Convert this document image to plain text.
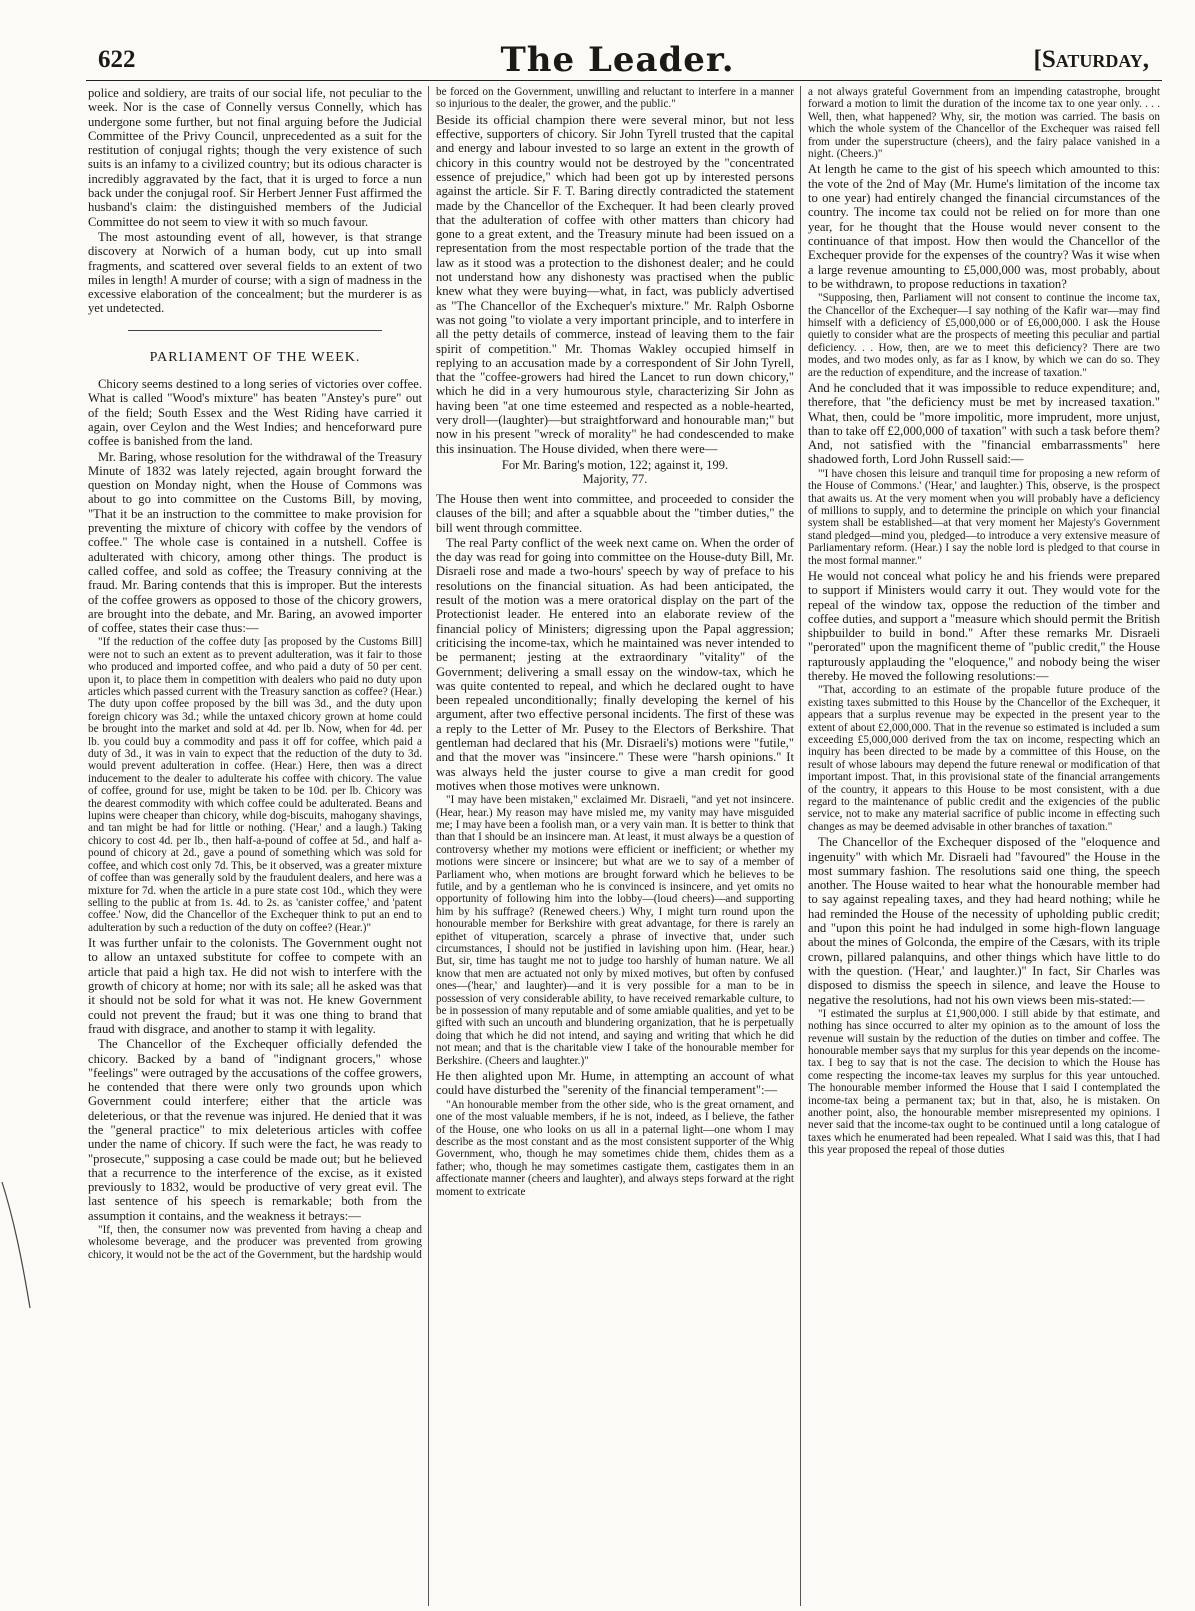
622	The Leader.	[Saturday,

police and soldiery, are traits of our social life, not peculiar to the week. Nor is the case of Connelly versus Connelly, which has undergone some further, but not final arguing before the Judicial Committee of the Privy Council, unprecedented as a suit for the restitution of conjugal rights; though the very existence of such suits is an infamy to a civilized country; but its odious character is incredibly aggravated by the fact, that it is urged to force a nun back under the conjugal roof. Sir Herbert Jenner Fust affirmed the husband's claim: the distinguished members of the Judicial Committee do not seem to view it with so much favour.

The most astounding event of all, however, is that strange discovery at Norwich of a human body, cut up into small fragments, and scattered over several fields to an extent of two miles in length! A murder of course; with a sign of madness in the excessive elaboration of the concealment; but the murderer is as yet undetected.

PARLIAMENT OF THE WEEK.

Chicory seems destined to a long series of victories over coffee. What is called "Wood's mixture" has beaten "Anstey's pure" out of the field; South Essex and the West Riding have carried it again, over Ceylon and the West Indies; and henceforward pure coffee is banished from the land.

Mr. Baring, whose resolution for the withdrawal of the Treasury Minute of 1832 was lately rejected, again brought forward the question on Monday night, when the House of Commons was about to go into committee on the Customs Bill, by moving, "That it be an instruction to the committee to make provision for preventing the mixture of chicory with coffee by the vendors of coffee." The whole case is contained in a nutshell. Coffee is adulterated with chicory, among other things. The product is called coffee, and sold as coffee; the Treasury conniving at the fraud. Mr. Baring contends that this is improper. But the interests of the coffee growers as opposed to those of the chicory growers, are brought into the debate, and Mr. Baring, an avowed importer of coffee, states their case thus:—

"If the reduction of the coffee duty [as proposed by the Customs Bill] were not to such an extent as to prevent adulteration, was it fair to those who produced and imported coffee, and who paid a duty of 50 per cent. upon it, to place them in competition with dealers who paid no duty upon articles which passed current with the Treasury sanction as coffee? (Hear.) The duty upon coffee proposed by the bill was 3d., and the duty upon foreign chicory was 3d.; while the untaxed chicory grown at home could be brought into the market and sold at 4d. per lb. Now, when for 4d. per lb. you could buy a commodity and pass it off for coffee, which paid a duty of 3d., it was in vain to expect that the reduction of the duty to 3d. would prevent adulteration in coffee. (Hear.) Here, then was a direct inducement to the dealer to adulterate his coffee with chicory. The value of coffee, ground for use, might be taken to be 10d. per lb. Chicory was the dearest commodity with which coffee could be adulterated. Beans and lupins were cheaper than chicory, while dog-biscuits, mahogany shavings, and tan might be had for little or nothing. ('Hear,' and a laugh.) Taking chicory to cost 4d. per lb., then half-a-pound of coffee at 5d., and half a-pound of chicory at 2d., gave a pound of something which was sold for coffee, and which cost only 7d. This, be it observed, was a greater mixture of coffee than was generally sold by the fraudulent dealers, and here was a mixture for 7d. when the article in a pure state cost 10d., which they were selling to the public at from 1s. 4d. to 2s. as 'canister coffee,' and 'patent coffee.' Now, did the Chancellor of the Exchequer think to put an end to adulteration by such a reduction of the duty on coffee? (Hear.)"

It was further unfair to the colonists. The Government ought not to allow an untaxed substitute for coffee to compete with an article that paid a high tax. He did not wish to interfere with the growth of chicory at home; nor with its sale; all he asked was that it should not be sold for what it was not. He knew Government could not prevent the fraud; but it was one thing to brand that fraud with disgrace, and another to stamp it with legality.

The Chancellor of the Exchequer officially defended the chicory. Backed by a band of "indignant grocers," whose "feelings" were outraged by the accusations of the coffee growers, he contended that there were only two grounds upon which Government could interfere; either that the article was deleterious, or that the revenue was injured. He denied that it was the "general practice" to mix deleterious articles with coffee under the name of chicory. If such were the fact, he was ready to "prosecute," supposing a case could be made out; but he believed that a recurrence to the interference of the excise, as it existed previously to 1832, would be productive of very great evil. The last sentence of his speech is remarkable; both from the assumption it contains, and the weakness it betrays:—

"If, then, the consumer now was prevented from having a cheap and wholesome beverage, and the producer was prevented from growing chicory, it would not be the act of the Government, but the hardship would

be forced on the Government, unwilling and reluctant to interfere in a manner so injurious to the dealer, the grower, and the public."

Beside its official champion there were several minor, but not less effective, supporters of chicory. Sir John Tyrell trusted that the capital and energy and labour invested to so large an extent in the growth of chicory in this country would not be destroyed by the "concentrated essence of prejudice," which had been got up by interested persons against the article. Sir F. T. Baring directly contradicted the statement made by the Chancellor of the Exchequer. It had been clearly proved that the adulteration of coffee with other matters than chicory had gone to a great extent, and the Treasury minute had been issued on a representation from the most respectable portion of the trade that the law as it stood was a protection to the dishonest dealer; and he could not understand how any dishonesty was practised when the public knew what they were buying—what, in fact, was publicly advertised as "The Chancellor of the Exchequer's mixture." Mr. Ralph Osborne was not going "to violate a very important principle, and to interfere in all the petty details of commerce, instead of leaving them to the fair spirit of competition." Mr. Thomas Wakley occupied himself in replying to an accusation made by a correspondent of Sir John Tyrell, that the "coffee-growers had hired the Lancet to run down chicory," which he did in a very humourous style, characterizing Sir John as having been "at one time esteemed and respected as a noble-hearted, very droll—(laughter)—but straightforward and honourable man;" but now in his present "wreck of morality" he had condescended to make this insinuation. The House divided, when there were—

For Mr. Baring's motion, 122; against it, 199.
Majority, 77.

The House then went into committee, and proceeded to consider the clauses of the bill; and after a squabble about the "timber duties," the bill went through committee.

The real Party conflict of the week next came on. When the order of the day was read for going into committee on the House-duty Bill, Mr. Disraeli rose and made a two-hours' speech by way of preface to his resolutions on the financial situation. As had been anticipated, the result of the motion was a mere oratorical display on the part of the Protectionist leader. He entered into an elaborate review of the financial policy of Ministers; digressing upon the Papal aggression; criticising the income-tax, which he maintained was never intended to be permanent; jesting at the extraordinary "vitality" of the Government; delivering a small essay on the window-tax, which he was quite contented to repeal, and which he declared ought to have been repealed unconditionally; finally developing the kernel of his argument, after two effective personal incidents. The first of these was a reply to the Letter of Mr. Pusey to the Electors of Berkshire. That gentleman had declared that his (Mr. Disraeli's) motions were "futile," and that the mover was "insincere." These were "harsh opinions." It was always held the juster course to give a man credit for good motives when those motives were unknown.

"I may have been mistaken," exclaimed Mr. Disraeli, "and yet not insincere. (Hear, hear.) My reason may have misled me, my vanity may have misguided me; I may have been a foolish man, or a very vain man. It is better to think that than that I should be an insincere man. At least, it must always be a question of controversy whether my motions were efficient or inefficient; or whether my motions were sincere or insincere; but what are we to say of a member of Parliament who, when motions are brought forward which he believes to be futile, and by a gentleman who he is convinced is insincere, and yet omits no opportunity of following him into the lobby—(loud cheers)—and supporting him by his suffrage? (Renewed cheers.) Why, I might turn round upon the honourable member for Berkshire with great advantage, for there is rarely an epithet of vituperation, scarcely a phrase of invective that, under such circumstances, I should not be justified in lavishing upon him. (Hear, hear.) But, sir, time has taught me not to judge too harshly of human nature. We all know that men are actuated not only by mixed motives, but often by confused ones—('hear,' and laughter)—and it is very possible for a man to be in possession of very considerable ability, to have received remarkable culture, to be in possession of many reputable and of some amiable qualities, and yet to be gifted with such an uncouth and blundering organization, that he is perpetually doing that which he did not intend, and saying and writing that which he did not mean; and that is the charitable view I take of the honourable member for Berkshire. (Cheers and laughter.)"

He then alighted upon Mr. Hume, in attempting an account of what could have disturbed the "serenity of the financial temperament":—

"An honourable member from the other side, who is the great ornament, and one of the most valuable members, if he is not, indeed, as I believe, the father of the House, one who looks on us all in a paternal light—one whom I may describe as the most constant and as the most consistent supporter of the Whig Government, who, though he may sometimes chide them, chides them as a father; who, though he may sometimes castigate them, castigates them in an affectionate manner (cheers and laughter), and always steps forward at the right moment to extricate

a not always grateful Government from an impending catastrophe, brought forward a motion to limit the duration of the income tax to one year only. . . . Well, then, what happened? Why, sir, the motion was carried. The basis on which the whole system of the Chancellor of the Exchequer was raised fell from under the superstructure (cheers), and the fairy palace vanished in a night. (Cheers.)"

At length he came to the gist of his speech which amounted to this: the vote of the 2nd of May (Mr. Hume's limitation of the income tax to one year) had entirely changed the financial circumstances of the country. The income tax could not be relied on for more than one year, for he thought that the House would never consent to the continuance of that impost. How then would the Chancellor of the Exchequer provide for the expenses of the country? Was it wise when a large revenue amounting to £5,000,000 was, most probably, about to be withdrawn, to propose reductions in taxation?

"Supposing, then, Parliament will not consent to continue the income tax, the Chancellor of the Exchequer—I say nothing of the Kafir war—may find himself with a deficiency of £5,000,000 or of £6,000,000. I ask the House quietly to consider what are the prospects of meeting this peculiar and partial deficiency. . . How, then, are we to meet this deficiency? There are two modes, and two modes only, as far as I know, by which we can do so. They are the reduction of expenditure, and the increase of taxation."

And he concluded that it was impossible to reduce expenditure; and, therefore, that "the deficiency must be met by increased taxation." What, then, could be "more impolitic, more imprudent, more unjust, than to take off £2,000,000 of taxation" with such a task before them? And, not satisfied with the "financial embarrassments" here shadowed forth, Lord John Russell said:—

"'I have chosen this leisure and tranquil time for proposing a new reform of the House of Commons.' ('Hear,' and laughter.) This, observe, is the prospect that awaits us. At the very moment when you will probably have a deficiency of millions to supply, and to determine the principle on which your financial system shall be established—at that very moment her Majesty's Government stand pledged—mind you, pledged—to introduce a very extensive measure of Parliamentary reform. (Hear.) I say the noble lord is pledged to that course in the most formal manner."

He would not conceal what policy he and his friends were prepared to support if Ministers would carry it out. They would vote for the repeal of the window tax, oppose the reduction of the timber and coffee duties, and support a "measure which should permit the British shipbuilder to build in bond." After these remarks Mr. Disraeli "perorated" upon the magnificent theme of "public credit," the House rapturously applauding the "eloquence," and nobody being the wiser thereby. He moved the following resolutions:—

"That, according to an estimate of the propable future produce of the existing taxes submitted to this House by the Chancellor of the Exchequer, it appears that a surplus revenue may be expected in the present year to the extent of about £2,000,000. That in the revenue so estimated is included a sum exceeding £5,000,000 derived from the tax on income, respecting which an inquiry has been directed to be made by a committee of this House, on the result of whose labours may depend the future renewal or modification of that important impost. That, in this provisional state of the financial arrangements of the country, it appears to this House to be most consistent, with a due regard to the maintenance of public credit and the exigencies of the public service, not to make any material sacrifice of public income in effecting such changes as may be deemed advisable in other branches of taxation."

The Chancellor of the Exchequer disposed of the "eloquence and ingenuity" with which Mr. Disraeli had "favoured" the House in the most summary fashion. The resolutions said one thing, the speech another. The House waited to hear what the honourable member had to say against repealing taxes, and they had heard nothing; while he had reminded the House of the necessity of upholding public credit; and "upon this point he had indulged in some high-flown language about the mines of Golconda, the empire of the Cæsars, with its triple crown, pillared palanquins, and other things which have little to do with the question. ('Hear,' and laughter.)" In fact, Sir Charles was disposed to dismiss the speech in silence, and leave the House to negative the resolutions, had not his own views been mis-stated:—

"I estimated the surplus at £1,900,000. I still abide by that estimate, and nothing has since occurred to alter my opinion as to the amount of loss the revenue will sustain by the reduction of the duties on timber and coffee. The honourable member says that my surplus for this year depends on the income-tax. I beg to say that is not the case. The decision to which the House has come respecting the income-tax leaves my surplus for this year untouched. The honourable member informed the House that I said I contemplated the income-tax being a permanent tax; but in that, also, he is mistaken. On another point, also, the honourable member misrepresented my opinions. I never said that the income-tax ought to be continued until a long catalogue of taxes which he enumerated had been repealed. What I said was this, that I had this year proposed the repeal of those duties
